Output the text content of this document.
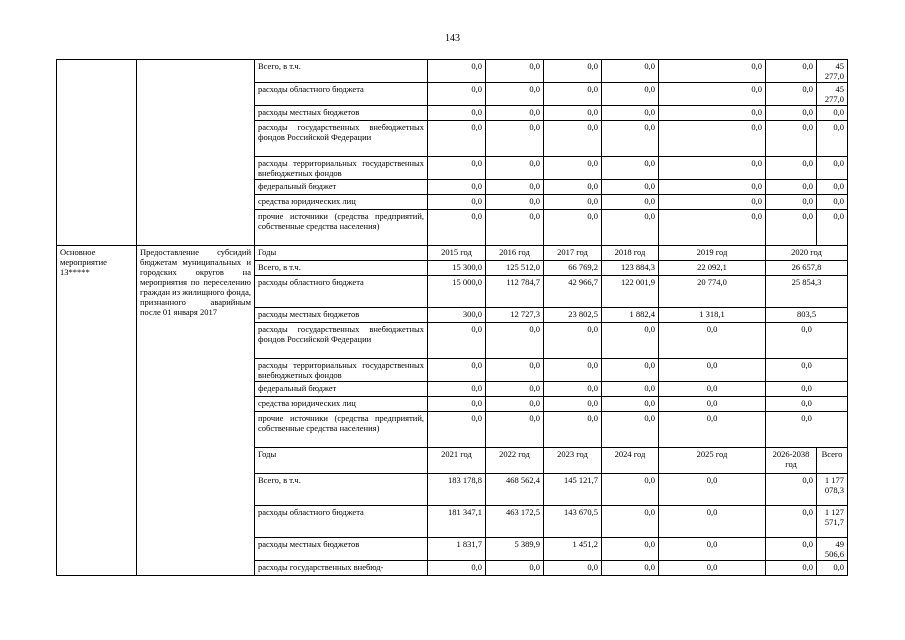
143
		Всего, в т.ч.	0,0	0,0	0,0	0,0	0,0	0,0	45 277,0
		расходы областного бюджета	0,0	0,0	0,0	0,0	0,0	0,0	45 277,0
		расходы местных бюджетов	0,0	0,0	0,0	0,0	0,0	0,0	0,0
		расходы государственных внебюджетных фондов Российской Федерации	0,0	0,0	0,0	0,0	0,0	0,0	0,0
		расходы территориальных государственных внебюджетных фондов	0,0	0,0	0,0	0,0	0,0	0,0	0,0
		федеральный бюджет	0,0	0,0	0,0	0,0	0,0	0,0	0,0
		средства юридических лиц	0,0	0,0	0,0	0,0	0,0	0,0	0,0
		прочие источники (средства предприятий, собственные средства населения)	0,0	0,0	0,0	0,0	0,0	0,0	0,0
Основное мероприятие 13*****	Предоставление субсидий бюджетам муниципальных и городских округов на мероприятия по переселению граждан из жилищного фонда, признанного аварийным после 01 января 2017	Годы	2015 год	2016 год	2017 год	2018 год	2019 год	2020 год	
		Всего, в т.ч.	15 300,0	125 512,0	66 769,2	123 884,3	22 092,1	26 657,8	
		расходы областного бюджета	15 000,0	112 784,7	42 966,7	122 001,9	20 774,0	25 854,3	
		расходы местных бюджетов	300,0	12 727,3	23 802,5	1 882,4	1 318,1	803,5	
		расходы государственных внебюджетных фондов Российской Федерации	0,0	0,0	0,0	0,0	0,0	0,0	
		расходы территориальных государственных внебюджетных фондов	0,0	0,0	0,0	0,0	0,0	0,0	
		федеральный бюджет	0,0	0,0	0,0	0,0	0,0	0,0	
		средства юридических лиц	0,0	0,0	0,0	0,0	0,0	0,0	
		прочие источники (средства предприятий, собственные средства населения)	0,0	0,0	0,0	0,0	0,0	0,0	
		Годы	2021 год	2022 год	2023 год	2024 год	2025 год	2026-2038 год	Всего
		Всего, в т.ч.	183 178,8	468 562,4	145 121,7	0,0	0,0	0,0	1 177 078,3
		расходы областного бюджета	181 347,1	463 172,5	143 670,5	0,0	0,0	0,0	1 127 571,7
		расходы местных бюджетов	1 831,7	5 389,9	1 451,2	0,0	0,0	0,0	49 506,6
		расходы государственных внебюд-	0,0	0,0	0,0	0,0	0,0	0,0	0,0
